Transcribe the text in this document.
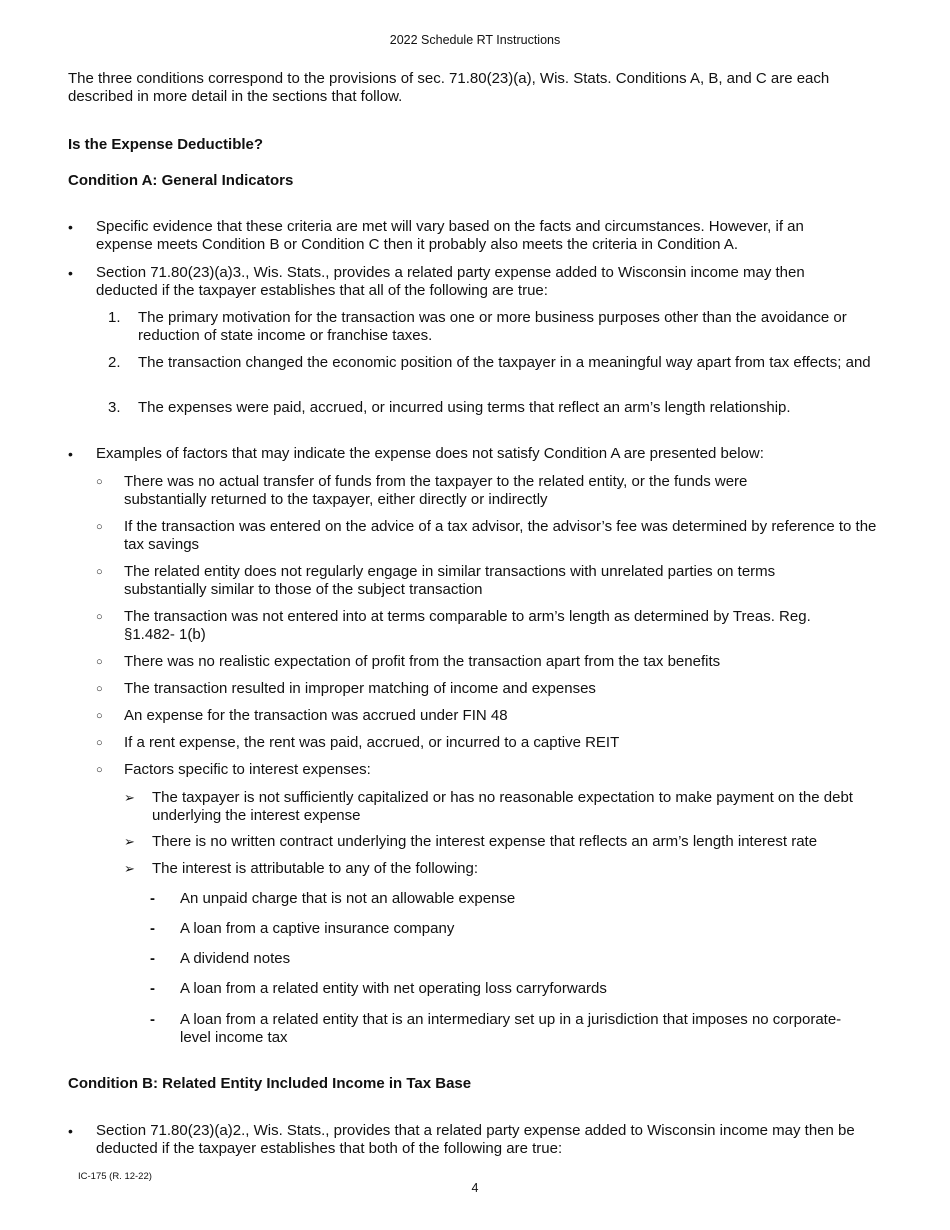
2022 Schedule RT Instructions
The three conditions correspond to the provisions of sec. 71.80(23)(a), Wis. Stats. Conditions A, B, and C are each described in more detail in the sections that follow.
Is the Expense Deductible?
Condition A: General Indicators
• Specific evidence that these criteria are met will vary based on the facts and circumstances. However, if an expense meets Condition B or Condition C then it probably also meets the criteria in Condition A.
• Section 71.80(23)(a)3., Wis. Stats., provides a related party expense added to Wisconsin income may then deducted if the taxpayer establishes that all of the following are true:
1.	The primary motivation for the transaction was one or more business purposes other than the avoidance or reduction of state income or franchise taxes.
2.	The transaction changed the economic position of the taxpayer in a meaningful way apart from tax effects; and
3.	The expenses were paid, accrued, or incurred using terms that reflect an arm’s length relationship.
• Examples of factors that may indicate the expense does not satisfy Condition A are presented below:
○ There was no actual transfer of funds from the taxpayer to the related entity, or the funds were substantially returned to the taxpayer, either directly or indirectly
○ If the transaction was entered on the advice of a tax advisor, the advisor’s fee was determined by reference to the tax savings
○ The related entity does not regularly engage in similar transactions with unrelated parties on terms substantially similar to those of the subject transaction
○ The transaction was not entered into at terms comparable to arm’s length as determined by Treas. Reg. §1.482- 1(b)
○ There was no realistic expectation of profit from the transaction apart from the tax benefits
○ The transaction resulted in improper matching of income and expenses
○ An expense for the transaction was accrued under FIN 48
○ If a rent expense, the rent was paid, accrued, or incurred to a captive REIT
○ Factors specific to interest expenses:
➢ The taxpayer is not sufficiently capitalized or has no reasonable expectation to make payment on the debt underlying the interest expense
➢ There is no written contract underlying the interest expense that reflects an arm’s length interest rate
➢ The interest is attributable to any of the following:
- An unpaid charge that is not an allowable expense
- A loan from a captive insurance company
- A dividend notes
- A loan from a related entity with net operating loss carryforwards
- A loan from a related entity that is an intermediary set up in a jurisdiction that imposes no corporate-level income tax
Condition B: Related Entity Included Income in Tax Base
• Section 71.80(23)(a)2., Wis. Stats., provides that a related party expense added to Wisconsin income may then be deducted if the taxpayer establishes that both of the following are true:
IC-175 (R. 12-22)
4
